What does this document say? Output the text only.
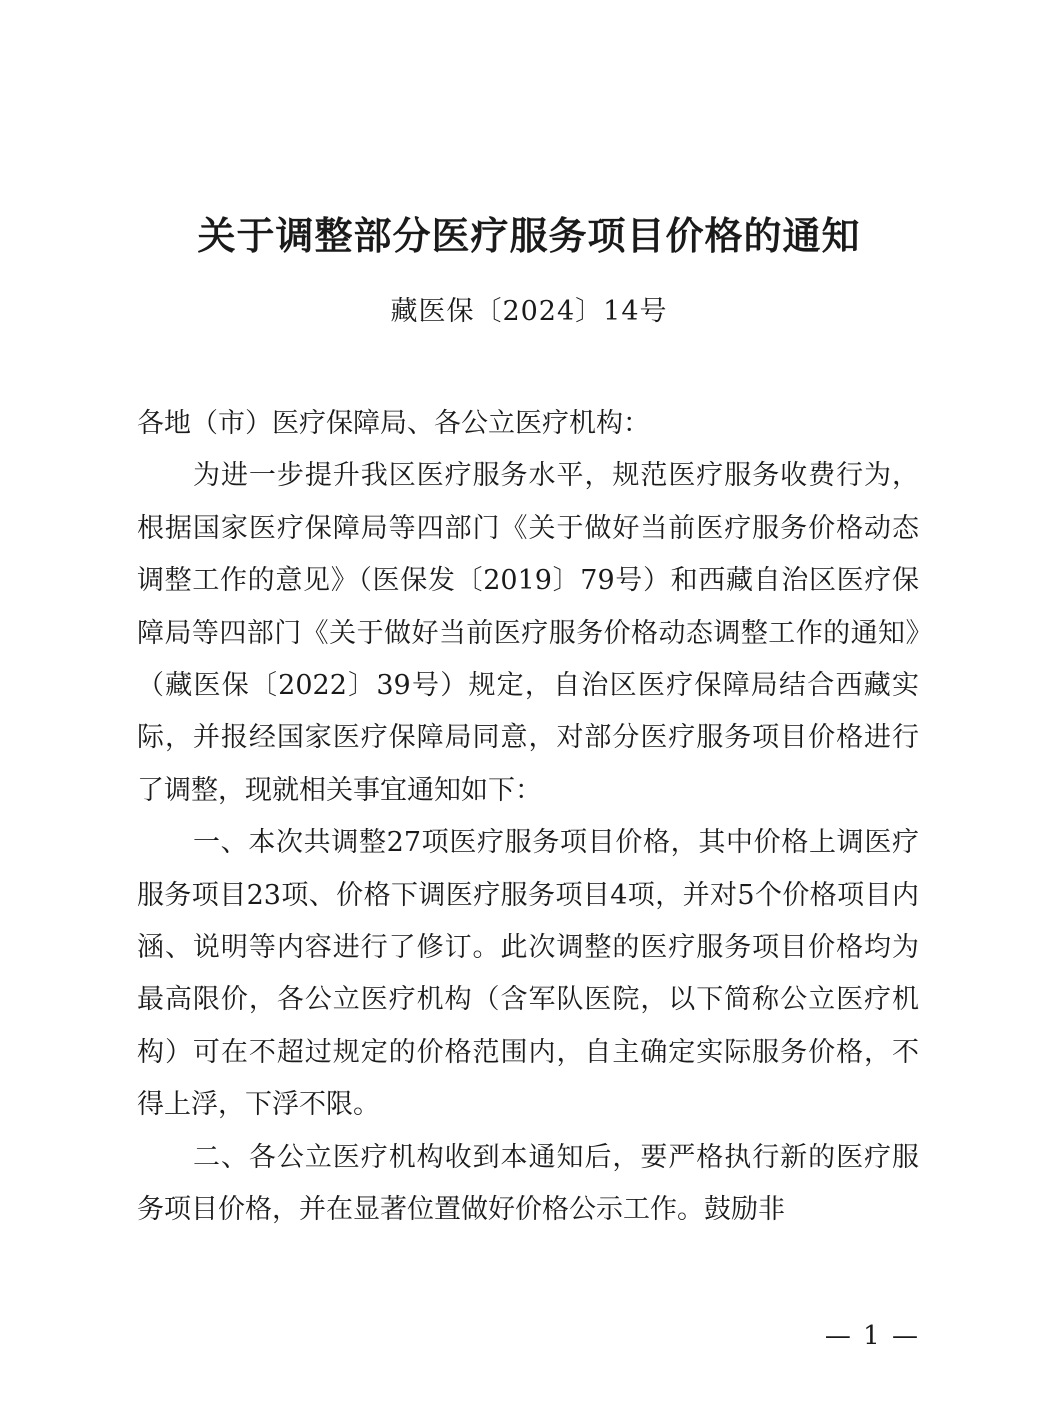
关于调整部分医疗服务项目价格的通知
藏医保〔2024〕14号

各地（市）医疗保障局、各公立医疗机构：

为进一步提升我区医疗服务水平，规范医疗服务收费行为，根据国家医疗保障局等四部门《关于做好当前医疗服务价格动态调整工作的意见》（医保发〔2019〕79号）和西藏自治区医疗保障局等四部门《关于做好当前医疗服务价格动态调整工作的通知》（藏医保〔2022〕39号）规定，自治区医疗保障局结合西藏实际，并报经国家医疗保障局同意，对部分医疗服务项目价格进行了调整，现就相关事宜通知如下：

一、本次共调整27项医疗服务项目价格，其中价格上调医疗服务项目23项、价格下调医疗服务项目4项，并对5个价格项目内涵、说明等内容进行了修订。此次调整的医疗服务项目价格均为最高限价，各公立医疗机构（含军队医院，以下简称公立医疗机构）可在不超过规定的价格范围内，自主确定实际服务价格，不得上浮，下浮不限。

二、各公立医疗机构收到本通知后，要严格执行新的医疗服务项目价格，并在显著位置做好价格公示工作。鼓励非

— 1 —
